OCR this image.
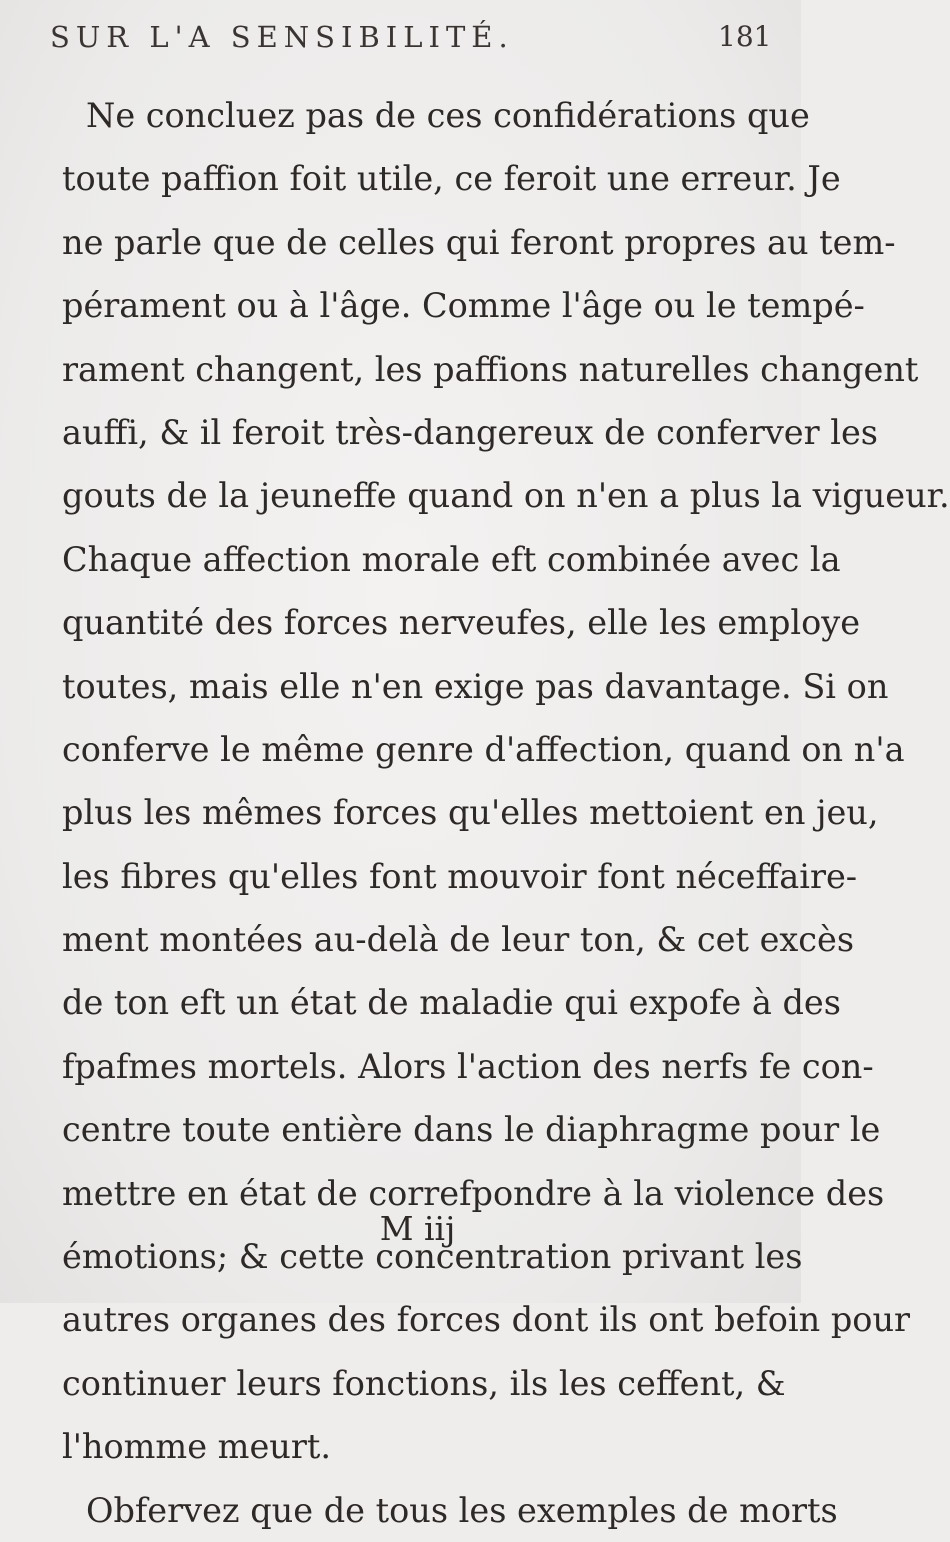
SUR L'A SENSIBILITÉ.	181
Ne concluez pas de ces confidérations que
toute paffion foit utile, ce feroit une erreur. Je
ne parle que de celles qui feront propres au tem-
pérament ou à l'âge. Comme l'âge ou le tempé-
rament changent, les paffions naturelles changent
auffi, & il feroit très-dangereux de conferver les
gouts de la jeuneffe quand on n'en a plus la vigueur.
Chaque affection morale eft combinée avec la
quantité des forces nerveufes, elle les employe
toutes, mais elle n'en exige pas davantage. Si on
conferve le même genre d'affection, quand on n'a
plus les mêmes forces qu'elles mettoient en jeu,
les fibres qu'elles font mouvoir font néceffaire-
ment montées au-delà de leur ton, & cet excès
de ton eft un état de maladie qui expofe à des
fpafmes mortels. Alors l'action des nerfs fe con-
centre toute entière dans le diaphragme pour le
mettre en état de correfpondre à la violence des
émotions; & cette concentration privant les
autres organes des forces dont ils ont befoin pour
continuer leurs fonctions, ils les ceffent, &
l'homme meurt.
Obfervez que de tous les exemples de morts
M iij
